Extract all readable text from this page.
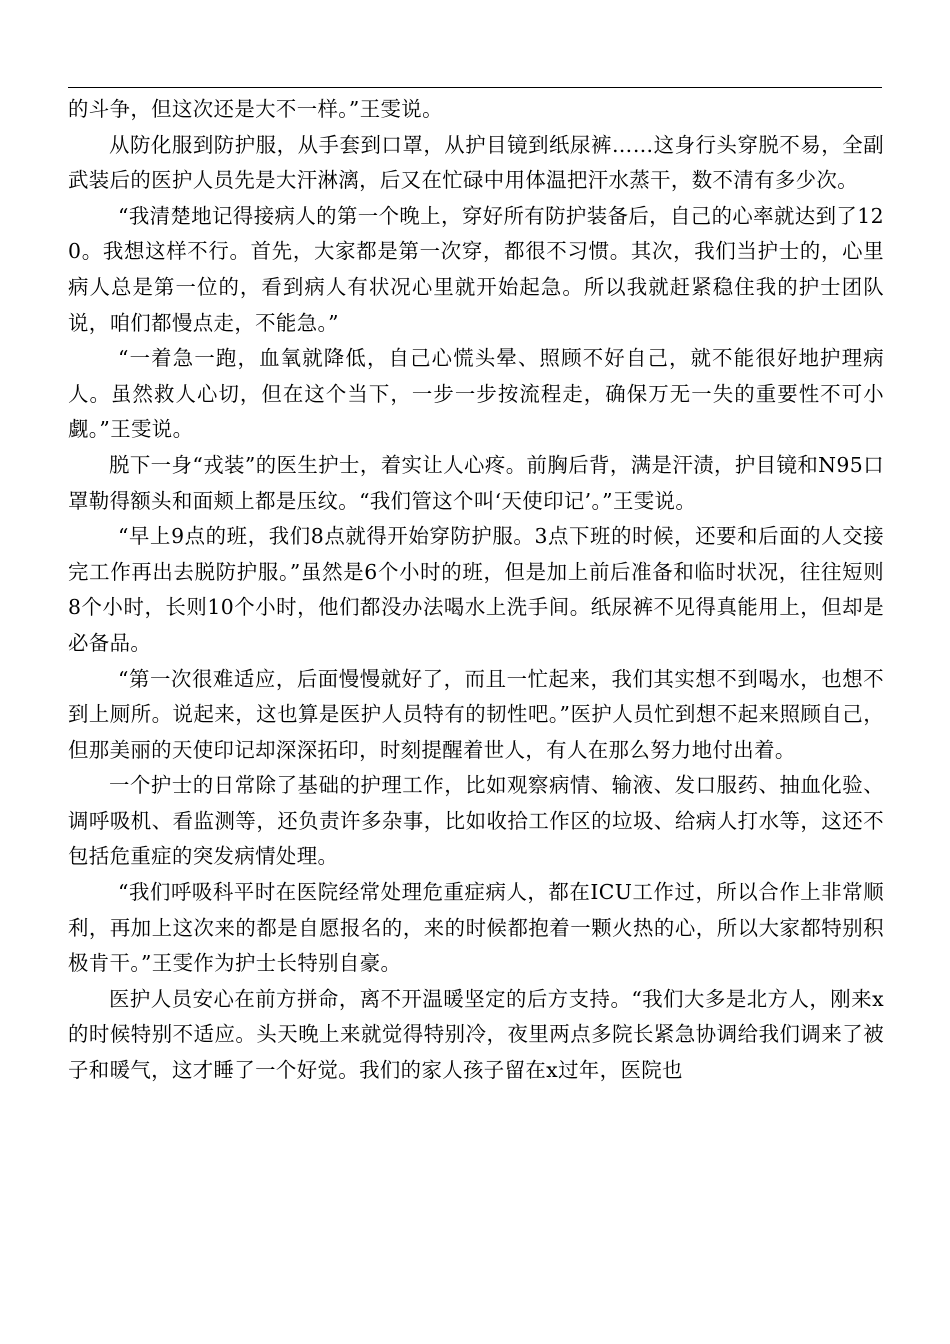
的斗争，但这次还是大不一样。”王雯说。

从防化服到防护服，从手套到口罩，从护目镜到纸尿裤……这身行头穿脱不易，全副武装后的医护人员先是大汗淋漓，后又在忙碌中用体温把汗水蒸干，数不清有多少次。

“我清楚地记得接病人的第一个晚上，穿好所有防护装备后，自己的心率就达到了120。我想这样不行。首先，大家都是第一次穿，都很不习惯。其次，我们当护士的，心里病人总是第一位的，看到病人有状况心里就开始起急。所以我就赶紧稳住我的护士团队说，咱们都慢点走，不能急。”

“一着急一跑，血氧就降低，自己心慌头晕、照顾不好自己，就不能很好地护理病人。虽然救人心切，但在这个当下，一步一步按流程走，确保万无一失的重要性不可小觑。”王雯说。

脱下一身“戎装”的医生护士，着实让人心疼。前胸后背，满是汗渍，护目镜和N95口罩勒得额头和面颊上都是压纹。“我们管这个叫‘天使印记’。”王雯说。

“早上9点的班，我们8点就得开始穿防护服。3点下班的时候，还要和后面的人交接完工作再出去脱防护服。”虽然是6个小时的班，但是加上前后准备和临时状况，往往短则8个小时，长则10个小时，他们都没办法喝水上洗手间。纸尿裤不见得真能用上，但却是必备品。

“第一次很难适应，后面慢慢就好了，而且一忙起来，我们其实想不到喝水，也想不到上厕所。说起来，这也算是医护人员特有的韧性吧。”医护人员忙到想不起来照顾自己，但那美丽的天使印记却深深拓印，时刻提醒着世人，有人在那么努力地付出着。

一个护士的日常除了基础的护理工作，比如观察病情、输液、发口服药、抽血化验、调呼吸机、看监测等，还负责许多杂事，比如收拾工作区的垃圾、给病人打水等，这还不包括危重症的突发病情处理。

“我们呼吸科平时在医院经常处理危重症病人，都在ICU工作过，所以合作上非常顺利，再加上这次来的都是自愿报名的，来的时候都抱着一颗火热的心，所以大家都特别积极肯干。”王雯作为护士长特别自豪。

医护人员安心在前方拼命，离不开温暖坚定的后方支持。“我们大多是北方人，刚来x的时候特别不适应。头天晚上来就觉得特别冷，夜里两点多院长紧急协调给我们调来了被子和暖气，这才睡了一个好觉。我们的家人孩子留在x过年，医院也
